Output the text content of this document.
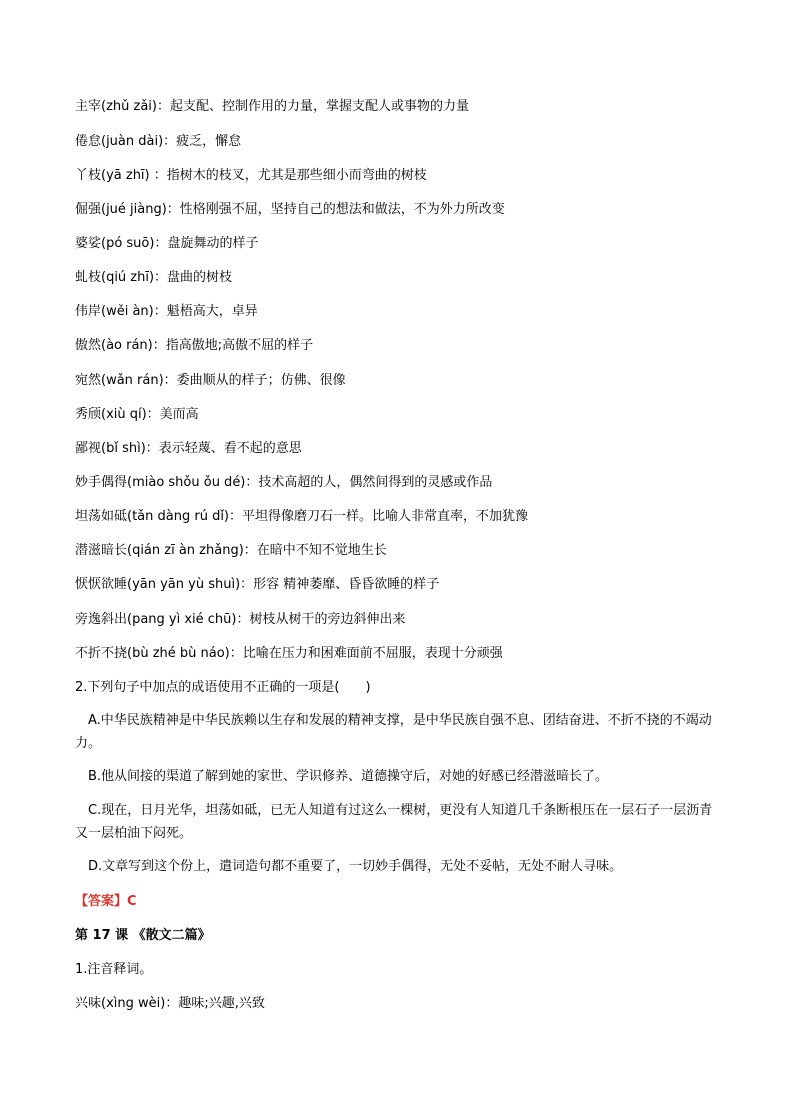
主宰(zhǔ zǎi)：起支配、控制作用的力量，掌握支配人或事物的力量
倦怠(juàn dài)：疲乏，懈怠
丫枝(yā zhī) ：指树木的枝叉，尤其是那些细小而弯曲的树枝
倔强(jué jiàng)：性格刚强不屈，坚持自己的想法和做法，不为外力所改变
婆娑(pó suō)：盘旋舞动的样子
虬枝(qiú zhī)：盘曲的树枝
伟岸(wěi àn)：魁梧高大，卓异
傲然(ào rán)：指高傲地;高傲不屈的样子
宛然(wǎn rán)：委曲顺从的样子；仿佛、很像
秀颀(xiù qí)：美而高
鄙视(bǐ shì)：表示轻蔑、看不起的意思
妙手偶得(miào shǒu ǒu dé)：技术高超的人，偶然间得到的灵感或作品
坦荡如砥(tǎn dàng rú dǐ)：平坦得像磨刀石一样。比喻人非常直率，不加犹豫
潜滋暗长(qián zī àn zhǎng)：在暗中不知不觉地生长
恹恹欲睡(yān yān yù shuì)：形容 精神萎靡、昏昏欲睡的样子
旁逸斜出(pang yì xié chū)：树枝从树干的旁边斜伸出来
不折不挠(bù zhé bù náo)：比喻在压力和困难面前不屈服，表现十分顽强
2.下列句子中加点的成语使用不正确的一项是(　　)
A.中华民族精神是中华民族赖以生存和发展的精神支撑，是中华民族自强不息、团结奋进、不折不挠的不竭动力。
B.他从间接的渠道了解到她的家世、学识修养、道德操守后，对她的好感已经潜滋暗长了。
C.现在，日月光华，坦荡如砥，已无人知道有过这么一棵树，更没有人知道几千条断根压在一层石子一层沥青又一层柏油下闷死。
D.文章写到这个份上，遣词造句都不重要了，一切妙手偶得，无处不妥帖，无处不耐人寻味。
【答案】C
第 17 课 《散文二篇》
1.注音释词。
兴味(xìng wèi)：趣味;兴趣,兴致
